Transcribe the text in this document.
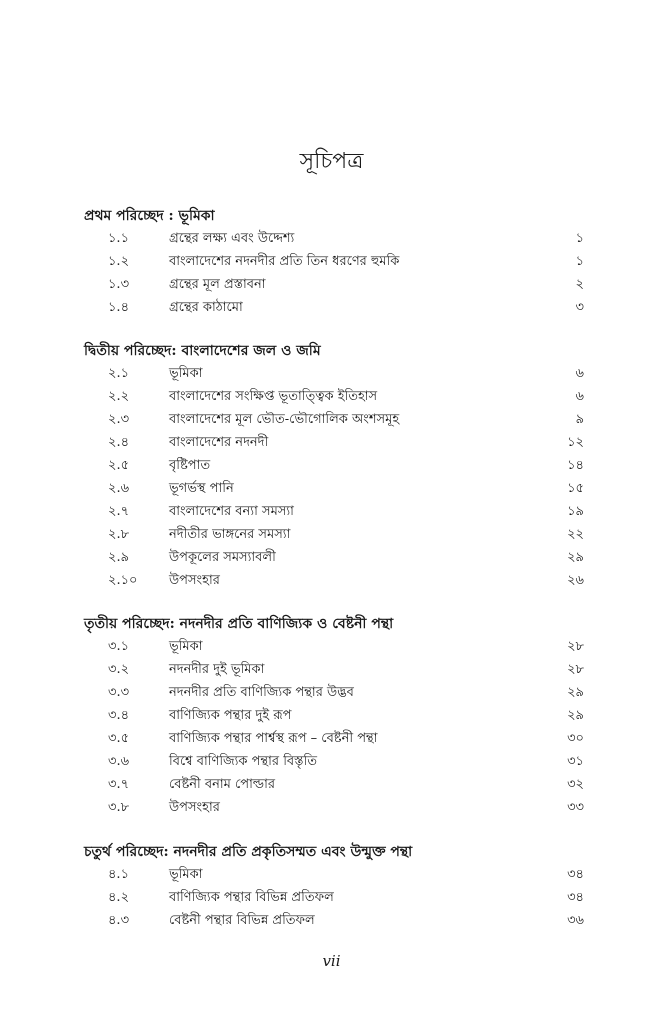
সূচিপত্র
প্রথম পরিচ্ছেদ : ভূমিকা
১.১	গ্রন্থের লক্ষ্য এবং উদ্দেশ্য	১
১.২	বাংলাদেশের নদনদীর প্রতি তিন ধরণের হুমকি	১
১.৩	গ্রন্থের মূল প্রস্তাবনা	২
১.৪	গ্রন্থের কাঠামো	৩
দ্বিতীয় পরিচ্ছেদ: বাংলাদেশের জল ও জমি
২.১	ভূমিকা	৬
২.২	বাংলাদেশের সংক্ষিপ্ত ভূতাত্ত্বিক ইতিহাস	৬
২.৩	বাংলাদেশের মূল ভৌত-ভৌগোলিক অংশসমূহ	৯
২.৪	বাংলাদেশের নদনদী	১২
২.৫	বৃষ্টিপাত	১৪
২.৬	ভূগর্ভস্থ পানি	১৫
২.৭	বাংলাদেশের বন্যা সমস্যা	১৯
২.৮	নদীতীর ভাঙ্গনের সমস্যা	২২
২.৯	উপকূলের সমস্যাবলী	২৯
২.১০ উপসংহার	২৬
তৃতীয় পরিচ্ছেদ: নদনদীর প্রতি বাণিজ্যিক ও বেষ্টনী পন্থা
৩.১	ভূমিকা	২৮
৩.২	নদনদীর দুই ভূমিকা	২৮
৩.৩	নদনদীর প্রতি বাণিজ্যিক পন্থার উদ্ভব	২৯
৩.৪	বাণিজ্যিক পন্থার দুই রূপ	২৯
৩.৫	বাণিজ্যিক পন্থার পার্শ্বস্থ রূপ – বেষ্টনী পন্থা	৩০
৩.৬	বিশ্বে বাণিজ্যিক পন্থার বিস্তৃতি	৩১
৩.৭	বেষ্টনী বনাম পোল্ডার	৩২
৩.৮	উপসংহার	৩৩
চতুর্থ পরিচ্ছেদ: নদনদীর প্রতি প্রকৃতিসম্মত এবং উন্মুক্ত পন্থা
৪.১	ভূমিকা	৩৪
৪.২	বাণিজ্যিক পন্থার বিভিন্ন প্রতিফল	৩৪
৪.৩	বেষ্টনী পন্থার বিভিন্ন প্রতিফল	৩৬
vii
